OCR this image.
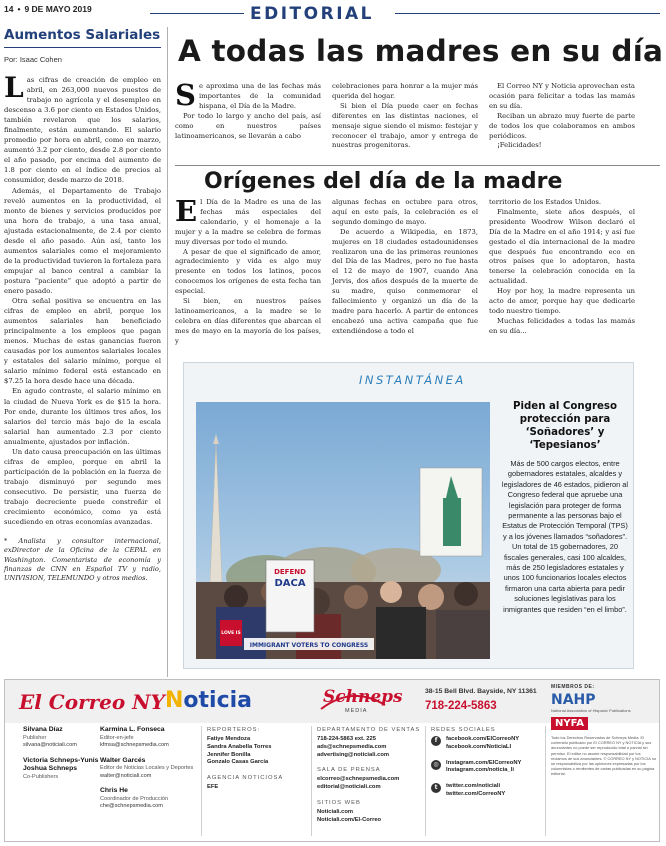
14 • 9 DE MAYO 2019	EDITORIAL
Aumentos Salariales
Por: Isaac Cohen

Las cifras de creación de empleo en abril, en 263,000 nuevos puestos de trabajo no agrícola y el desempleo en descenso a 3.6 por ciento en Estados Unidos, también revelaron que los salarios, finalmente, están aumentando. El salario promedio por hora en abril, como en marzo, aumentó 3.2 por ciento, desde 2.8 por ciento el año pasado, por encima del aumento de 1.8 por ciento en el índice de precios al consumidor, desde marzo de 2018.

Además, el Departamento de Trabajo reveló aumentos en la productividad, el monto de bienes y servicios producidos por una hora de trabajo, a una tasa anual, ajustada estacionalmente, de 2.4 por ciento desde el año pasado. Aún así, tanto los aumentos salariales como el mejoramiento de la productividad tuvieron la fortaleza para empujar al banco central a cambiar la postura “paciente” que adoptó a partir de enero pasado.

Otra señal positiva se encuentra en las cifras de empleo en abril, porque los aumentos salariales han beneficiado principalmente a los empleos que pagan menos. Muchas de estas ganancias fueron causadas por los aumentos salariales locales y estatales del salario mínimo, porque el salario mínimo federal está estancado en $7.25 la hora desde hace una década.

En agudo contraste, el salario mínimo en la ciudad de Nueva York es de $15 la hora. Por ende, durante los últimos tres años, los salarios del tercio más bajo de la escala salarial han aumentado 2.3 por ciento anualmente, ajustados por inflación.

Un dato causa preocupación en las últimas cifras de empleo, porque en abril la participación de la población en la fuerza de trabajo disminuyó por segundo mes consecutivo. De persistir, una fuerza de trabajo decreciente puede constreñir el crecimiento económico, como ya está sucediendo en otras economías avanzadas.

* Analista y consultor internacional, exDirector de la Oficina de la CEPAL en Washington. Comentarista de economía y finanzas de CNN en Español TV y radio, UNIVISION, TELEMUNDO y otros medios.
A todas las madres en su día

Se aproxima una de las fechas más importantes de la comunidad hispana, el Día de la Madre.

Por todo lo largo y ancho del país, así como en nuestros países latinoamericanos, se llevarán a cabo

celebraciones para honrar a la mujer más querida del hogar.

Si bien el Día puede caer en fechas diferentes en las distintas naciones, el mensaje sigue siendo el mismo: festejar y reconocer el trabajo, amor y entrega de nuestras progenitoras.

El Correo NY y Noticia aprovechan esta ocasión para felicitar a todas las mamás en su día.

Reciban un abrazo muy fuerte de parte de todos los que colaboramos en ambos periódicos.

¡Felicidades!

Orígenes del día de la madre

El Día de la Madre es una de las fechas más especiales del calendario, y el homenaje a la mujer y a la madre se celebra de formas muy diversas por todo el mundo.

A pesar de que el significado de amor, agradecimiento y vida es algo muy presente en todos los latinos, pocos conocemos los orígenes de esta fecha tan especial.

Si bien, en nuestros países latinoamericanos, a la madre se le celebra en días diferentes que abarcan el mes de mayo en la mayoría de los países, y

algunas fechas en octubre para otros, aquí en este país, la celebración es el segundo domingo de mayo.

De acuerdo a Wikipedia, en 1873, mujeres en 18 ciudades estadounidenses realizaron una de las primeras reuniones del Día de las Madres, pero no fue hasta el 12 de mayo de 1907, cuando Ana Jervis, dos años después de la muerte de su madre, quiso conmemorar el fallecimiento y organizó un día de la madre para hacerlo. A partir de entonces encabezó una activa campaña que fue extendiéndose a todo el

territorio de los Estados Unidos.

Finalmente, siete años después, el presidente Woodrow Wilson declaró el Día de la Madre en el año 1914; y así fue gestado el día internacional de la madre que después fue encontrando eco en otros países que lo adoptaron, hasta tenerse la celebración conocida en la actualidad.

Hoy por hoy, la madre representa un acto de amor, porque hay que dedicarle todo nuestro tiempo.

Muchas felicidades a todas las mamás en su día...

INSTANTÁNEA
DEFEND
DACA
LOVE IS
IMMIGRANT VOTERS TO CONGRESS
Piden al Congreso protección para ‘Soñadores’ y ‘Tepesianos’
Más de 500 cargos electos, entre gobernadores estatales, alcaldes y legisladores de 46 estados, pidieron al Congreso federal que apruebe una legislación para proteger de forma permanente a las personas bajo el Estatus de Protección Temporal (TPS) y a los jóvenes llamados “soñadores”. Un total de 15 gobernadores, 20 fiscales generales, casi 100 alcaldes, más de 250 legisladores estatales y unos 100 funcionarios locales electos firmaron una carta abierta para pedir soluciones legislativas para los inmigrantes que residen “en el limbo”.
El Correo NY Noticia	Schneps
MEDIA
38-15 Bell Blvd. Bayside, NY 11361
718-224-5863
Silvana Díaz
Publisher
silvana@noticiali.com
Victoria Schneps-Yunis Joshua Schneps
Co-Publishers
Karmina L. Fonseca
Editor-en-jefe
kfmsa@schnepsmedia.com
Walter Garcés
Editor de Noticias Locales y Deportes
walter@noticiali.com
Chris He
Coordinador de Producción
che@schnepsmedia.com
REPORTEROS:
Fatiye Mendoza
Sandra Anabella Torres
Jennifer Bonilla
Gonzalo Casas García
AGENCIA NOTICIOSA
EFE
DEPARTAMENTO DE VENTAS
718-224-5863 ext. 225
ads@schnepsmedia.com
advertising@noticiali.com
SALA DE PRENSA
elcorreo@schnepsmedia.com
editorial@noticiali.com
SITIOS WEB
Noticiali.com
Noticiali.com/El-Correo
REDES SOCIALES
f	facebook.com/ElCorreoNY
facebook.com/NoticiaLI
◎	Instagram.com/ElCorreoNY
Instagram.com/noticia_li
t	twitter.com/noticiali
twitter.com/CorreoNY
MIEMBROS DE:
NAHP
National Association of Hispanic Publications
NYFA
Todo los Derechos Reservados de Schneps Media. El contenido publicado por El CORREO NY y NOTICIA y sus anunciantes no puede ser reproducido total o parcial sin permiso. El editor no asume responsabilidad por los reclamos de sus anunciantes. © CORREO NY y NOTICIA no se responsabiliza por las opiniones expresadas por los columnistas o remitentes de cartas publicadas en su página editorial.
